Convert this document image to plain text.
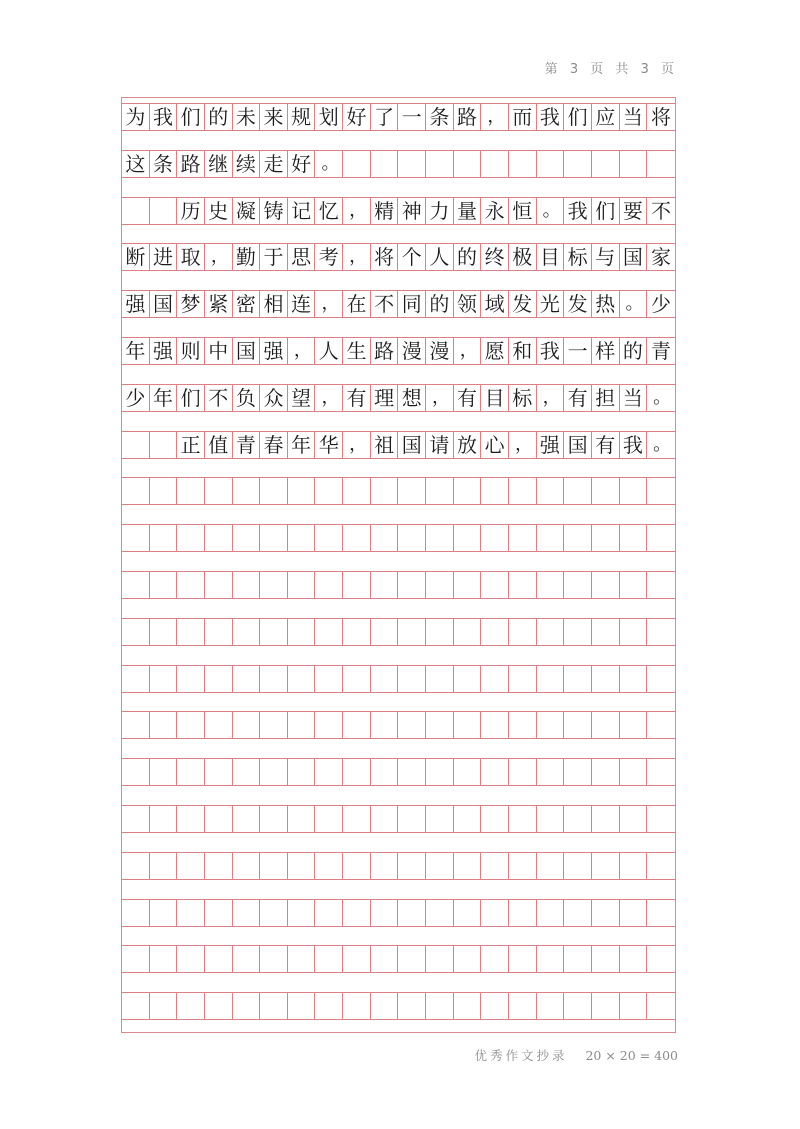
第 3 页 共 3 页
为 我 们 的 未 来 规 划 好 了 一 条 路 ， 而 我 们 应 当 将
这 条 路 继 续 走 好 。
历 史 凝 铸 记 忆 ， 精 神 力 量 永 恒 。 我 们 要 不
断 进 取 ， 勤 于 思 考 ， 将 个 人 的 终 极 目 标 与 国 家
强 国 梦 紧 密 相 连 ， 在 不 同 的 领 域 发 光 发 热 。 少
年 强 则 中 国 强 ， 人 生 路 漫 漫 ， 愿 和 我 一 样 的 青
少 年 们 不 负 众 望 ， 有 理 想 ， 有 目 标 ， 有 担 当 。
正 值 青 春 年 华 ， 祖 国 请 放 心 ， 强 国 有 我 。
优秀作文抄录 20 × 20 = 400
